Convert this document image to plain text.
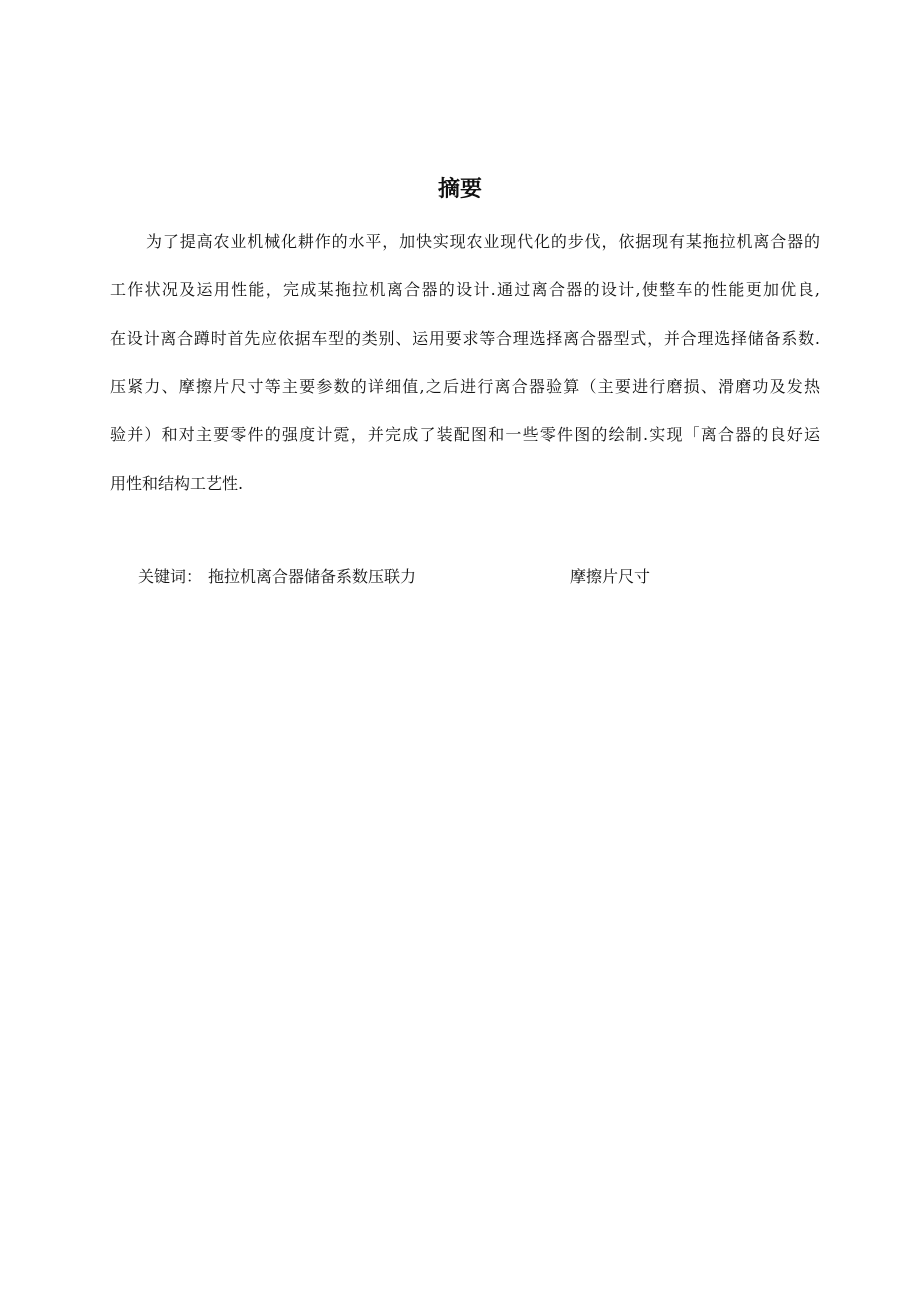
摘要
为了提高农业机械化耕作的水平，加快实现农业现代化的步伐，依据现有某拖拉机离合器的
工作状况及运用性能，完成某拖拉机离合器的设计.通过离合器的设计,使整车的性能更加优良,
在设计离合蹲时首先应依据车型的类别、运用要求等合理选择离合器型式，并合理选择储备系数.
压紧力、摩擦片尺寸等主要参数的详细值,之后进行离合器验算（主要进行磨损、滑磨功及发热
验并）和对主要零件的强度计霓，并完成了装配图和一些零件图的绘制.实现「离合器的良好运
用性和结构工艺性.
关键词： 拖拉机离合器储备系数压联力	摩擦片尺寸
